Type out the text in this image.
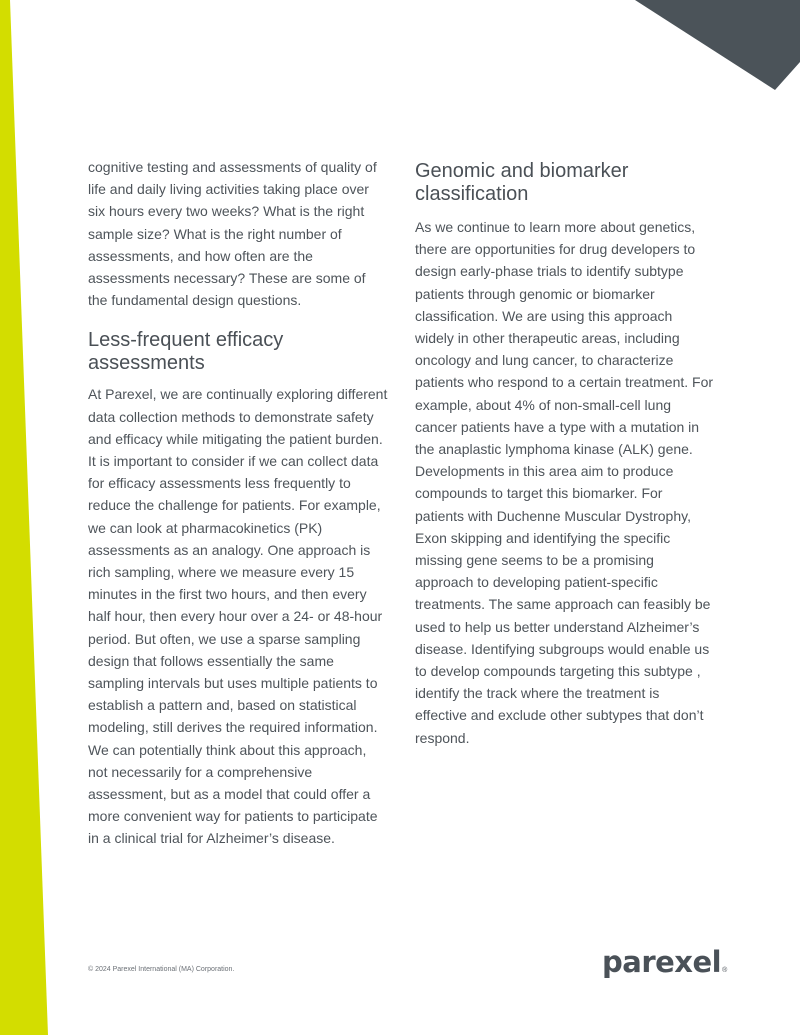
cognitive testing and assessments of quality of life and daily living activities taking place over six hours every two weeks? What is the right sample size? What is the right number of assessments, and how often are the assessments necessary? These are some of the fundamental design questions.

Less-frequent efficacy assessments

At Parexel, we are continually exploring different data collection methods to demonstrate safety and efficacy while mitigating the patient burden. It is important to consider if we can collect data for efficacy assessments less frequently to reduce the challenge for patients. For example, we can look at pharmacokinetics (PK) assessments as an analogy. One approach is rich sampling, where we measure every 15 minutes in the first two hours, and then every half hour, then every hour over a 24- or 48-hour period. But often, we use a sparse sampling design that follows essentially the same sampling intervals but uses multiple patients to establish a pattern and, based on statistical modeling, still derives the required information. We can potentially think about this approach, not necessarily for a comprehensive assessment, but as a model that could offer a more convenient way for patients to participate in a clinical trial for Alzheimer’s disease.

Genomic and biomarker classification

As we continue to learn more about genetics, there are opportunities for drug developers to design early-phase trials to identify subtype patients through genomic or biomarker classification. We are using this approach widely in other therapeutic areas, including oncology and lung cancer, to characterize patients who respond to a certain treatment. For example, about 4% of non-small-cell lung cancer patients have a type with a mutation in the anaplastic lymphoma kinase (ALK) gene. Developments in this area aim to produce compounds to target this biomarker. For patients with Duchenne Muscular Dystrophy, Exon skipping and identifying the specific missing gene seems to be a promising approach to developing patient-specific treatments. The same approach can feasibly be used to help us better understand Alzheimer’s disease. Identifying subgroups would enable us to develop compounds targeting this subtype , identify the track where the treatment is effective and exclude other subtypes that don’t respond.

© 2024 Parexel International (MA) Corporation.	parexel ®
